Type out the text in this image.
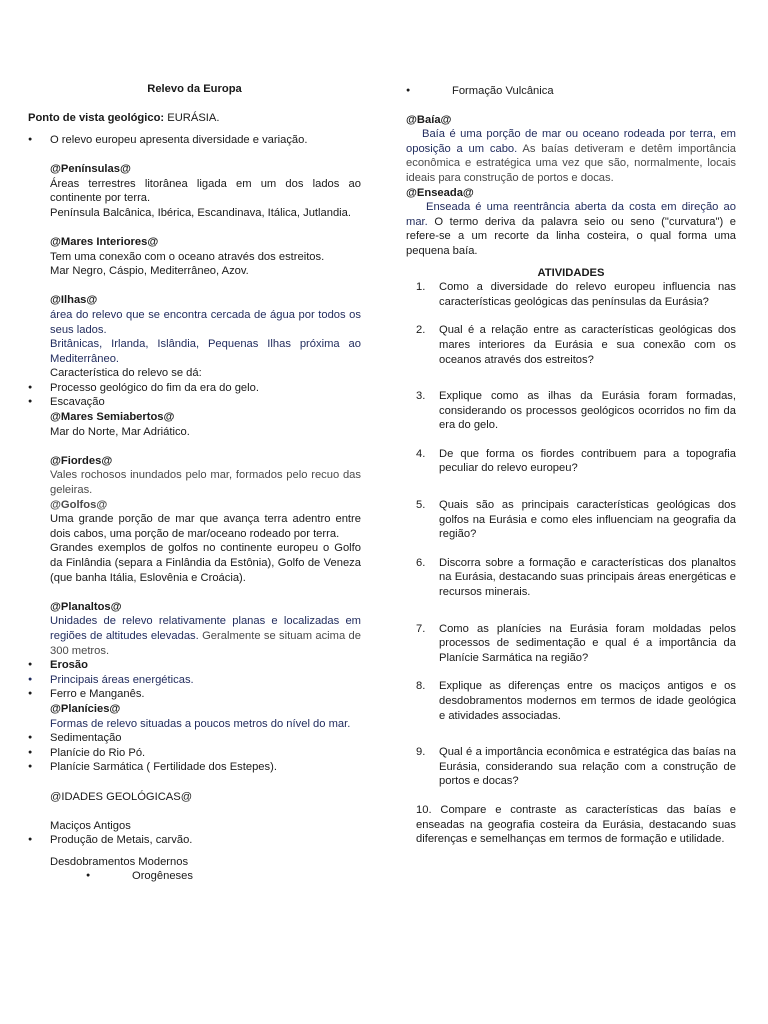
Relevo da Europa
Ponto de vista geológico: EURÁSIA.
● O relevo europeu apresenta diversidade e variação.
@Penínsulas@
Áreas terrestres litorânea ligada em um dos lados ao continente por terra.
Península Balcânica, Ibérica, Escandinava, Itálica, Jutlandia.
@Mares Interiores@
Tem uma conexão com o oceano através dos estreitos.
Mar Negro, Cáspio, Mediterrâneo, Azov.
@Ilhas@
área do relevo que se encontra cercada de água por todos os seus lados.
Britânicas, Irlanda, Islândia, Pequenas Ilhas próxima ao Mediterrâneo.
Característica do relevo se dá:
● Processo geológico do fim da era do gelo.
● Escavação
@Mares Semiabertos@
Mar do Norte, Mar Adriático.
@Fiordes@
Vales rochosos inundados pelo mar, formados pelo recuo das geleiras.
@Golfos@
Uma grande porção de mar que avança terra adentro entre dois cabos, uma porção de mar/oceano rodeado por terra.
Grandes exemplos de golfos no continente europeu o Golfo da Finlândia (separa a Finlândia da Estônia), Golfo de Veneza (que banha Itália, Eslovênia e Croácia).
@Planaltos@
Unidades de relevo relativamente planas e localizadas em regiões de altitudes elevadas. Geralmente se situam acima de 300 metros.
● Erosão
● Principais áreas energéticas.
● Ferro e Manganês.
@Planícies@
Formas de relevo situadas a poucos metros do nível do mar.
● Sedimentação
● Planície do Rio Pó.
● Planície Sarmática ( Fertilidade dos Estepes).
@IDADES GEOLÓGICAS@
Maciços Antigos
● Produção de Metais, carvão.
Desdobramentos Modernos
● Orogêneses
● Formação Vulcânica
@Baía@
Baía é uma porção de mar ou oceano rodeada por terra, em oposição a um cabo. As baías detiveram e detêm importância econômica e estratégica uma vez que são, normalmente, locais ideais para construção de portos e docas.
@Enseada@
Enseada é uma reentrância aberta da costa em direção ao mar. O termo deriva da palavra seio ou seno ("curvatura") e refere-se a um recorte da linha costeira, o qual forma uma pequena baía.
ATIVIDADES
1. Como a diversidade do relevo europeu influencia nas características geológicas das penínsulas da Eurásia?
2. Qual é a relação entre as características geológicas dos mares interiores da Eurásia e sua conexão com os oceanos através dos estreitos?
3. Explique como as ilhas da Eurásia foram formadas, considerando os processos geológicos ocorridos no fim da era do gelo.
4. De que forma os fiordes contribuem para a topografia peculiar do relevo europeu?
5. Quais são as principais características geológicas dos golfos na Eurásia e como eles influenciam na geografia da região?
6. Discorra sobre a formação e características dos planaltos na Eurásia, destacando suas principais áreas energéticas e recursos minerais.
7. Como as planícies na Eurásia foram moldadas pelos processos de sedimentação e qual é a importância da Planície Sarmática na região?
8. Explique as diferenças entre os maciços antigos e os desdobramentos modernos em termos de idade geológica e atividades associadas.
9. Qual é a importância econômica e estratégica das baías na Eurásia, considerando sua relação com a construção de portos e docas?
10. Compare e contraste as características das baías e enseadas na geografia costeira da Eurásia, destacando suas diferenças e semelhanças em termos de formação e utilidade.
